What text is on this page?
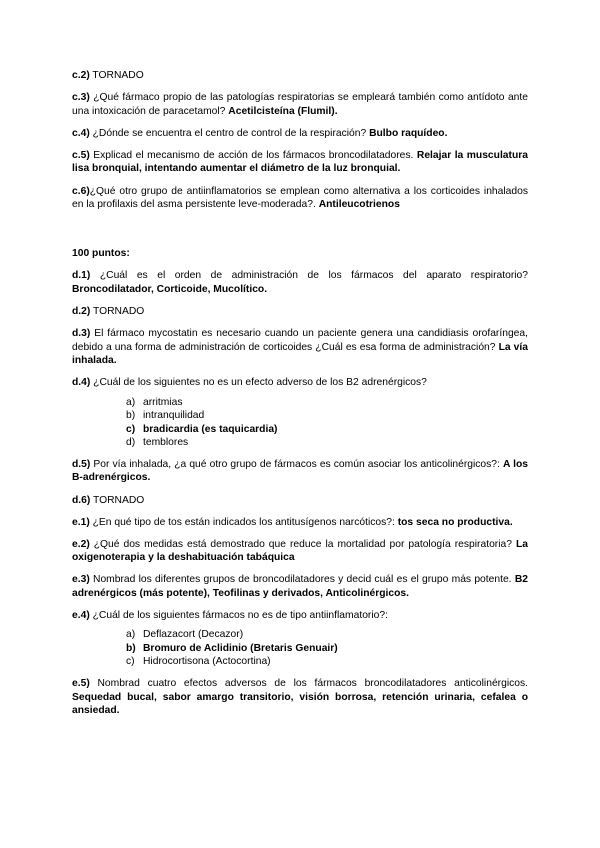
c.2) TORNADO

c.3) ¿Qué fármaco propio de las patologías respiratorias se empleará también como antídoto ante una intoxicación de paracetamol? Acetilcisteína (Flumil).

c.4) ¿Dónde se encuentra el centro de control de la respiración? Bulbo raquídeo.

c.5) Explicad el mecanismo de acción de los fármacos broncodilatadores. Relajar la musculatura lisa bronquial, intentando aumentar el diámetro de la luz bronquial.

c.6)¿Qué otro grupo de antiinflamatorios se emplean como alternativa a los corticoides inhalados en la profilaxis del asma persistente leve-moderada?. Antileucotrienos

100 puntos:

d.1) ¿Cuál es el orden de administración de los fármacos del aparato respiratorio? Broncodilatador, Corticoide, Mucolítico.

d.2) TORNADO

d.3) El fármaco mycostatin es necesario cuando un paciente genera una candidiasis orofaríngea, debido a una forma de administración de corticoides ¿Cuál es esa forma de administración? La vía inhalada.

d.4) ¿Cuál de los siguientes no es un efecto adverso de los B2 adrenérgicos?

a) arritmias
b) intranquilidad
c) bradicardia (es taquicardia)
d) temblores

d.5) Por vía inhalada, ¿a qué otro grupo de fármacos es común asociar los anticolinérgicos?: A los B-adrenérgicos.

d.6) TORNADO

e.1) ¿En qué tipo de tos están indicados los antitusígenos narcóticos?: tos seca no productiva.

e.2) ¿Qué dos medidas está demostrado que reduce la mortalidad por patología respiratoria? La oxigenoterapia y la deshabituación tabáquica

e.3) Nombrad los diferentes grupos de broncodilatadores y decid cuál es el grupo más potente. B2 adrenérgicos (más potente), Teofilinas y derivados, Anticolinérgicos.

e.4) ¿Cuál de los siguientes fármacos no es de tipo antiinflamatorio?:

a) Deflazacort (Decazor)
b) Bromuro de Aclidinio (Bretaris Genuair)
c) Hidrocortisona (Actocortina)

e.5) Nombrad cuatro efectos adversos de los fármacos broncodilatadores anticolinérgicos. Sequedad bucal, sabor amargo transitorio, visión borrosa, retención urinaria, cefalea o ansiedad.
